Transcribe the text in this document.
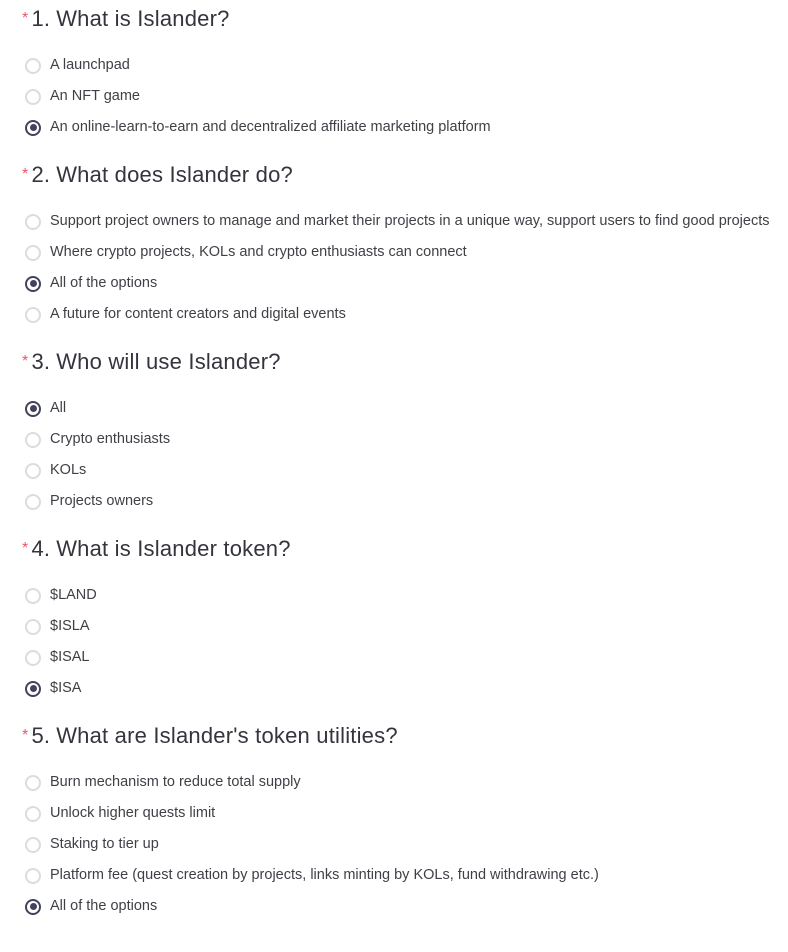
* 1. What is Islander?
A launchpad
An NFT game
An online-learn-to-earn and decentralized affiliate marketing platform
* 2. What does Islander do?
Support project owners to manage and market their projects in a unique way, support users to find good projects
Where crypto projects, KOLs and crypto enthusiasts can connect
All of the options
A future for content creators and digital events
* 3. Who will use Islander?
All
Crypto enthusiasts
KOLs
Projects owners
* 4. What is Islander token?
$LAND
$ISLA
$ISAL
$ISA
* 5. What are Islander's token utilities?
Burn mechanism to reduce total supply
Unlock higher quests limit
Staking to tier up
Platform fee (quest creation by projects, links minting by KOLs, fund withdrawing etc.)
All of the options
